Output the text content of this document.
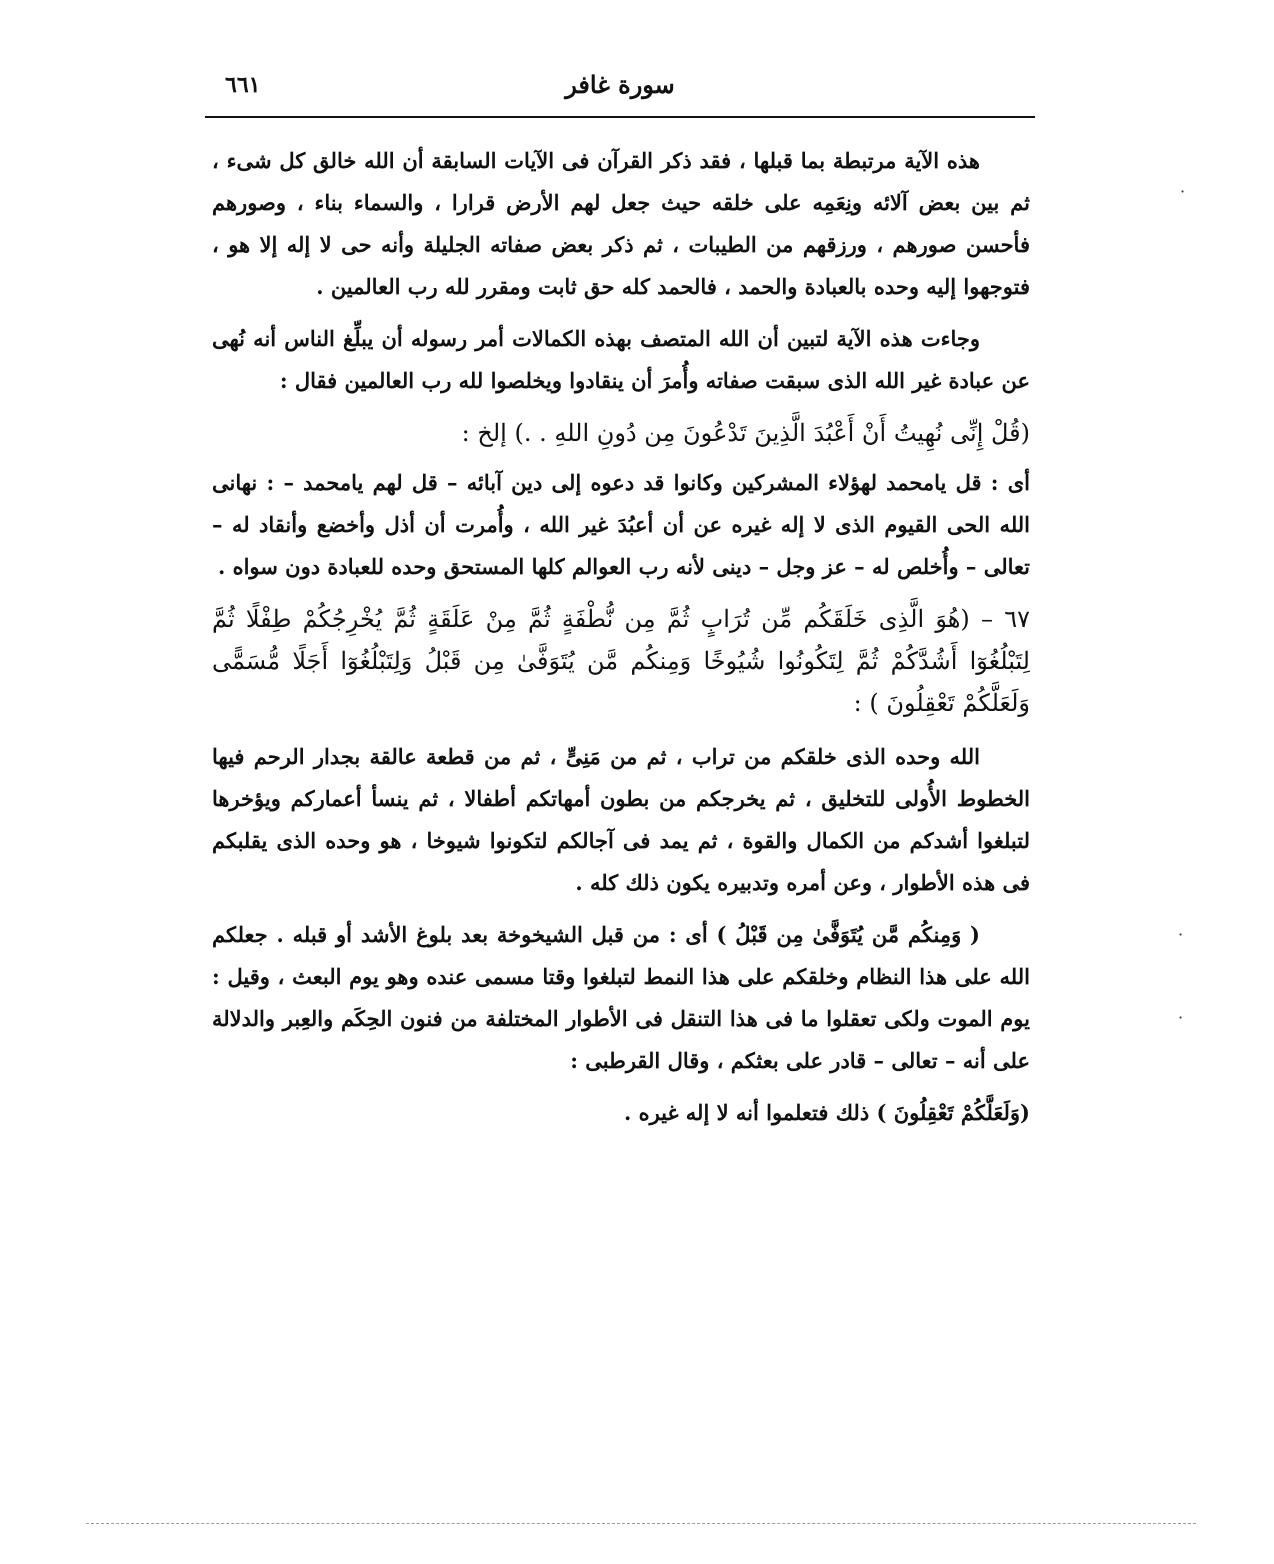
٦٦١	سورة غافر

هذه الآية مرتبطة بما قبلها ، فقد ذكر القرآن فى الآيات السابقة أن الله خالق كل شىء ، ثم بين بعض آلائه ونِعَمِه على خلقه حيث جعل لهم الأرض قرارا ، والسماء بناء ، وصورهم فأحسن صورهم ، ورزقهم من الطيبات ، ثم ذكر بعض صفاته الجليلة وأنه حى لا إله إلا هو ، فتوجهوا إليه وحده بالعبادة والحمد ، فالحمد كله حق ثابت ومقرر لله رب العالمين .

وجاءت هذه الآية لتبين أن الله المتصف بهذه الكمالات أمر رسوله أن يبلِّغ الناس أنه نُهى عن عبادة غير الله الذى سبقت صفاته وأُمرَ أن ينقادوا ويخلصوا لله رب العالمين فقال :

(قُلْ إِنِّى نُهِيتُ أَنْ أَعْبُدَ الَّذِينَ تَدْعُونَ مِن دُونِ اللهِ . .) إلخ :

أى : قل يامحمد لهؤلاء المشركين وكانوا قد دعوه إلى دين آبائه – قل لهم يامحمد – : نهانى الله الحى القيوم الذى لا إله غيره عن أن أعبُدَ غير الله ، وأُمرت أن أذل وأخضع وأنقاد له – تعالى – وأُخلص له – عز وجل – دينى لأنه رب العوالم كلها المستحق وحده للعبادة دون سواه .

٦٧ – (هُوَ الَّذِى خَلَقَكُم مِّن تُرَابٍ ثُمَّ مِن نُّطْفَةٍ ثُمَّ مِنْ عَلَقَةٍ ثُمَّ يُخْرِجُكُمْ طِفْلًا ثُمَّ لِتَبْلُغُوٓا أَشُدَّكُمْ ثُمَّ لِتَكُونُوا شُيُوخًا وَمِنكُم مَّن يُتَوَفَّىٰ مِن قَبْلُ وَلِتَبْلُغُوٓا أَجَلًا مُّسَمًّى وَلَعَلَّكُمْ تَعْقِلُونَ ) :

الله وحده الذى خلقكم من تراب ، ثم من مَنِىٍّ ، ثم من قطعة عالقة بجدار الرحم فيها الخطوط الأُولى للتخليق ، ثم يخرجكم من بطون أمهاتكم أطفالا ، ثم ينسأ أعماركم ويؤخرها لتبلغوا أشدكم من الكمال والقوة ، ثم يمد فى آجالكم لتكونوا شيوخا ، هو وحده الذى يقلبكم فى هذه الأطوار ، وعن أمره وتدبيره يكون ذلك كله .

( وَمِنكُم مَّن يُتَوَفَّىٰ مِن قَبْلُ ) أى : من قبل الشيخوخة بعد بلوغ الأشد أو قبله . جعلكم الله على هذا النظام وخلقكم على هذا النمط لتبلغوا وقتا مسمى عنده وهو يوم البعث ، وقيل : يوم الموت ولكى تعقلوا ما فى هذا التنقل فى الأطوار المختلفة من فنون الحِكَم والعِبر والدلالة على أنه – تعالى – قادر على بعثكم ، وقال القرطبى :

(وَلَعَلَّكُمْ تَعْقِلُونَ ) ذلك فتعلموا أنه لا إله غيره .

·
·
·
